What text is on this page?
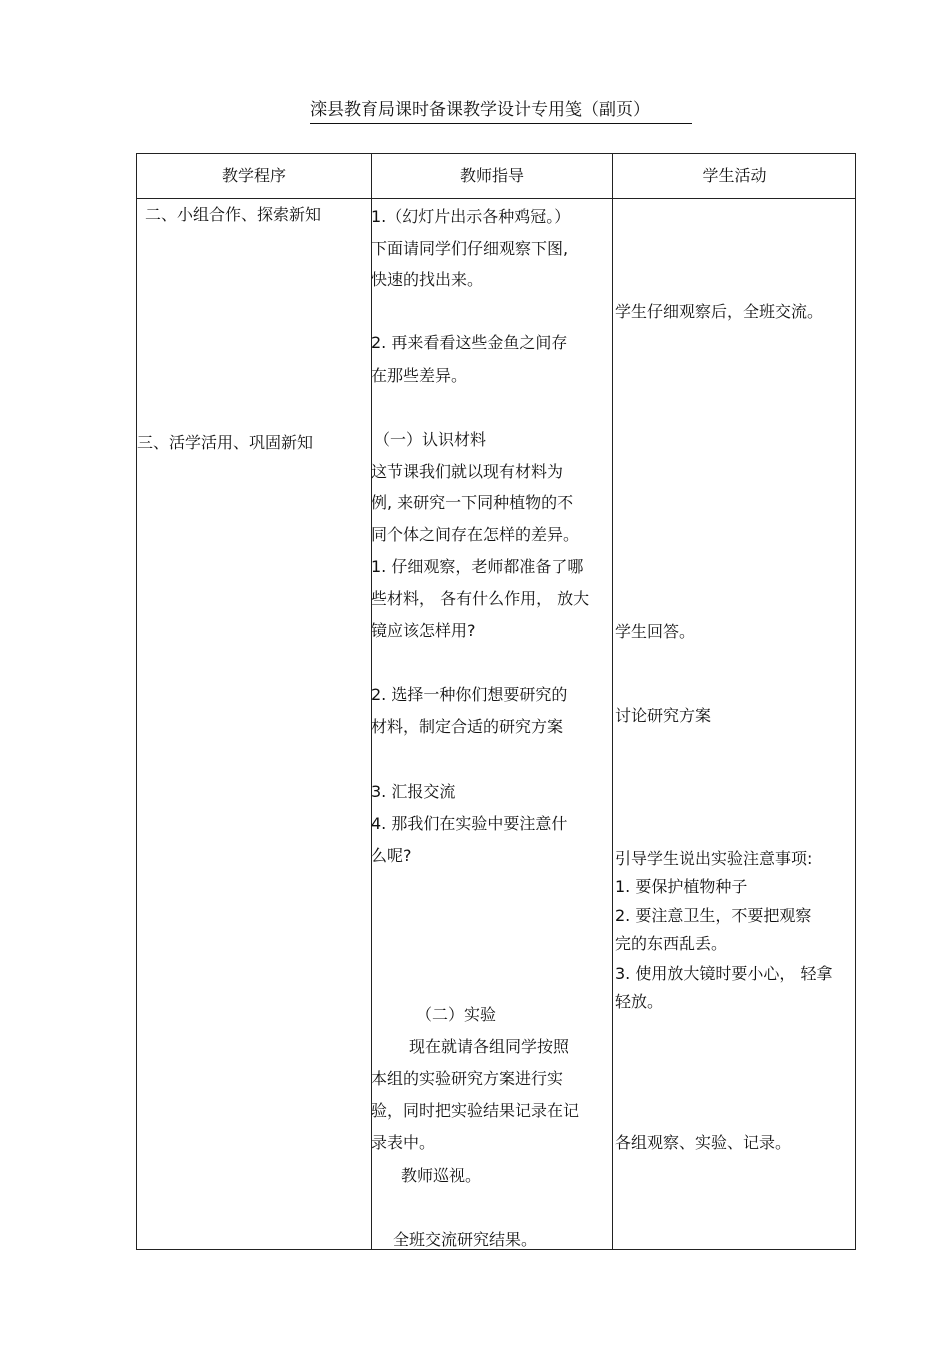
滦县教育局课时备课教学设计专用笺（副页）
教学程序	教师指导	学生活动
二、小组合作、探索新知
三、活学活用、巩固新知
1.（幻灯片出示各种鸡冠。）
下面请同学们仔细观察下图,
快速的找出来。
2. 再来看看这些金鱼之间存
在那些差异。
（一）认识材料
这节课我们就以现有材料为
例, 来研究一下同种植物的不
同个体之间存在怎样的差异。
1. 仔细观察，老师都准备了哪
些材料， 各有什么作用， 放大
镜应该怎样用?
2. 选择一种你们想要研究的
材料，制定合适的研究方案
3. 汇报交流
4. 那我们在实验中要注意什
么呢?
（二）实验
现在就请各组同学按照
本组的实验研究方案进行实
验，同时把实验结果记录在记
录表中。
教师巡视。
全班交流研究结果。
学生仔细观察后，全班交流。
学生回答。
讨论研究方案
引导学生说出实验注意事项:
1. 要保护植物种子
2. 要注意卫生，不要把观察
完的东西乱丢。
3. 使用放大镜时要小心， 轻拿
轻放。
各组观察、实验、记录。
